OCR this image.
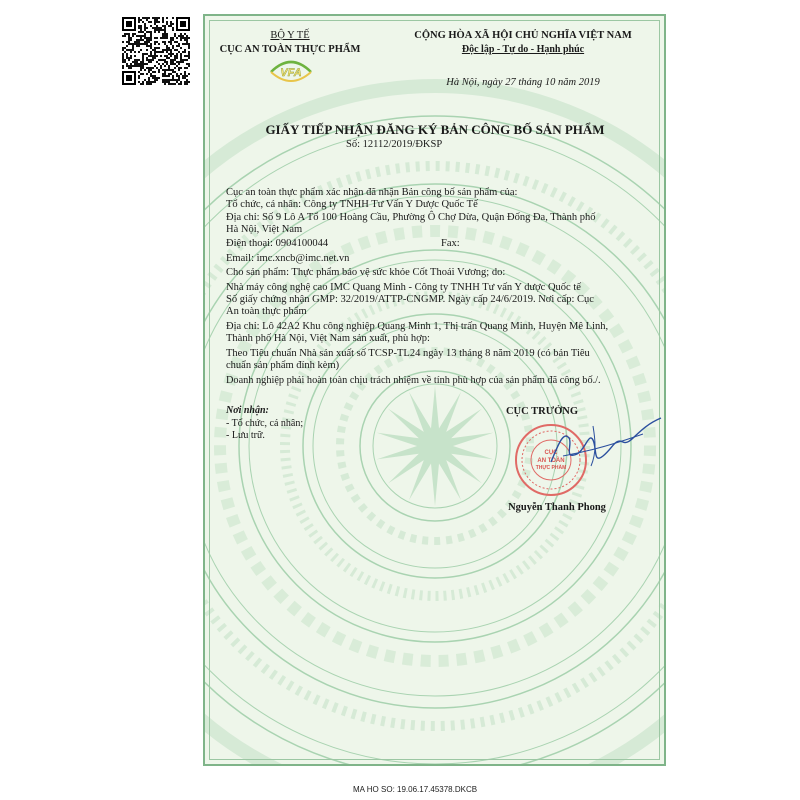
BỘ Y TẾ
CỤC AN TOÀN THỰC PHẨM
VFA
CỘNG HÒA XÃ HỘI CHỦ NGHĨA VIỆT NAM
Độc lập - Tự do - Hạnh phúc
Hà Nội, ngày 27 tháng 10 năm 2019
GIẤY TIẾP NHẬN ĐĂNG KÝ BẢN CÔNG BỐ SẢN PHẨM
Số: 12112/2019/ĐKSP
Cục an toàn thực phẩm xác nhận đã nhận Bản công bố sản phẩm của:
Tổ chức, cá nhân: Công ty TNHH Tư Vấn Y Dược Quốc Tế
Địa chỉ: Số 9 Lô A Tổ 100 Hoàng Cầu, Phường Ô Chợ Dừa, Quận Đống Đa, Thành phố
Hà Nội, Việt Nam
Điện thoại: 0904100044	Fax:
Email: imc.xncb@imc.net.vn
Cho sản phẩm: Thực phẩm bảo vệ sức khỏe Cốt Thoái Vương; do:
Nhà máy công nghệ cao IMC Quang Minh - Công ty TNHH Tư vấn Y dược Quốc tế
Số giấy chứng nhận GMP: 32/2019/ATTP-CNGMP. Ngày cấp 24/6/2019. Nơi cấp: Cục
An toàn thực phẩm
Địa chỉ: Lô 42A2 Khu công nghiệp Quang Minh 1, Thị trấn Quang Minh, Huyện Mê Linh,
Thành phố Hà Nội, Việt Nam sản xuất, phù hợp:
Theo Tiêu chuẩn Nhà sản xuất số TCSP-TL24 ngày 13 tháng 8 năm 2019 (có bản Tiêu
chuẩn sản phẩm đính kèm)
Doanh nghiệp phải hoàn toàn chịu trách nhiệm về tính phù hợp của sản phẩm đã công bố./.
Nơi nhận:
- Tổ chức, cá nhân;
- Lưu trữ.
CỤC TRƯỞNG
CỤC
AN TOÀN
THỰC PHẨM
Nguyễn Thanh Phong
MA HO SO: 19.06.17.45378.DKCB
